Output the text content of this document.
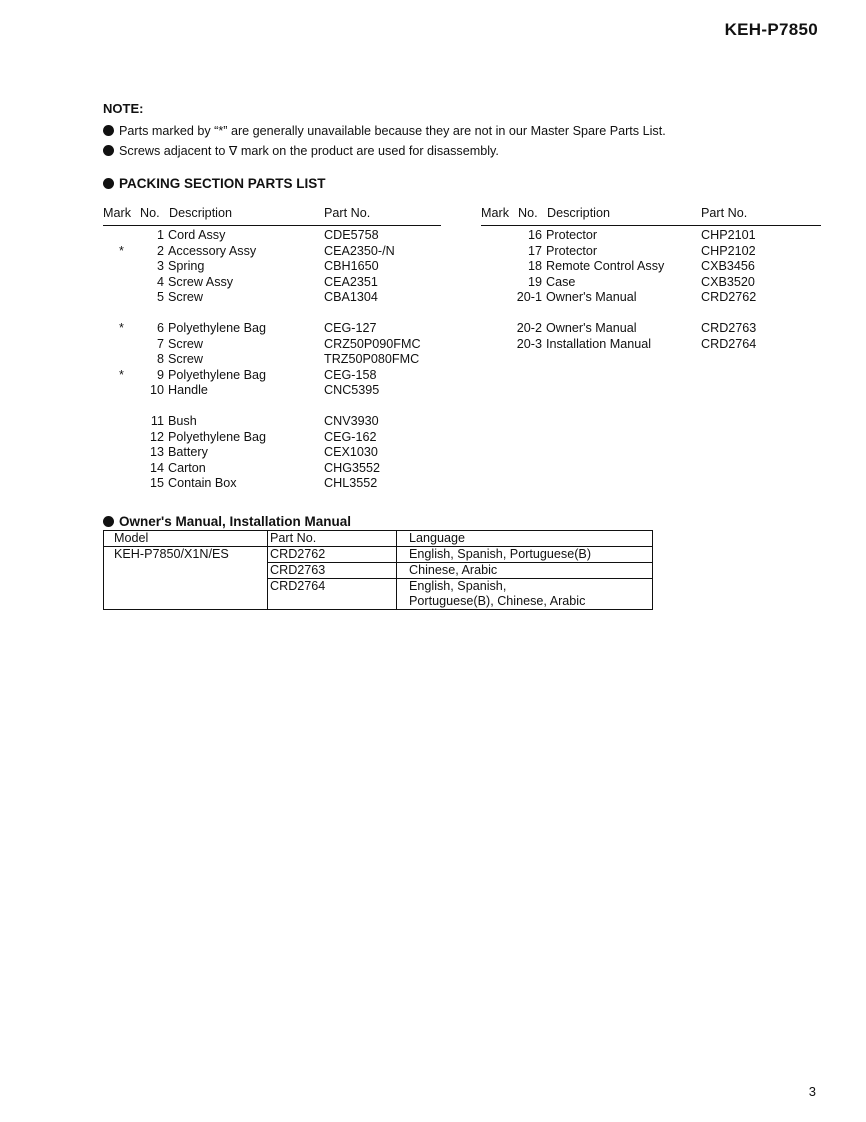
KEH-P7850
NOTE:
Parts marked by “*” are generally unavailable because they are not in our Master Spare Parts List.
Screws adjacent to ∇ mark on the product are used for disassembly.
PACKING SECTION PARTS LIST
Mark No. Description	Part No.
1 Cord Assy	CDE5758
*	2 Accessory Assy	CEA2350-/N
3 Spring	CBH1650
4 Screw Assy	CEA2351
5 Screw	CBA1304
*	6 Polyethylene Bag	CEG-127
7 Screw	CRZ50P090FMC
8 Screw	TRZ50P080FMC
*	9 Polyethylene Bag	CEG-158
10 Handle	CNC5395
11 Bush	CNV3930
12 Polyethylene Bag	CEG-162
13 Battery	CEX1030
14 Carton	CHG3552
15 Contain Box	CHL3552
Mark No. Description	Part No.
16 Protector	CHP2101
17 Protector	CHP2102
18 Remote Control Assy	CXB3456
19 Case	CXB3520
20-1 Owner's Manual	CRD2762
20-2 Owner's Manual	CRD2763
20-3 Installation Manual	CRD2764
Owner's Manual, Installation Manual
Model	Part No.	Language
KEH-P7850/X1N/ES	CRD2762	English, Spanish, Portuguese(B)
	CRD2763	Chinese, Arabic
	CRD2764	English, Spanish,
Portuguese(B), Chinese, Arabic
3
